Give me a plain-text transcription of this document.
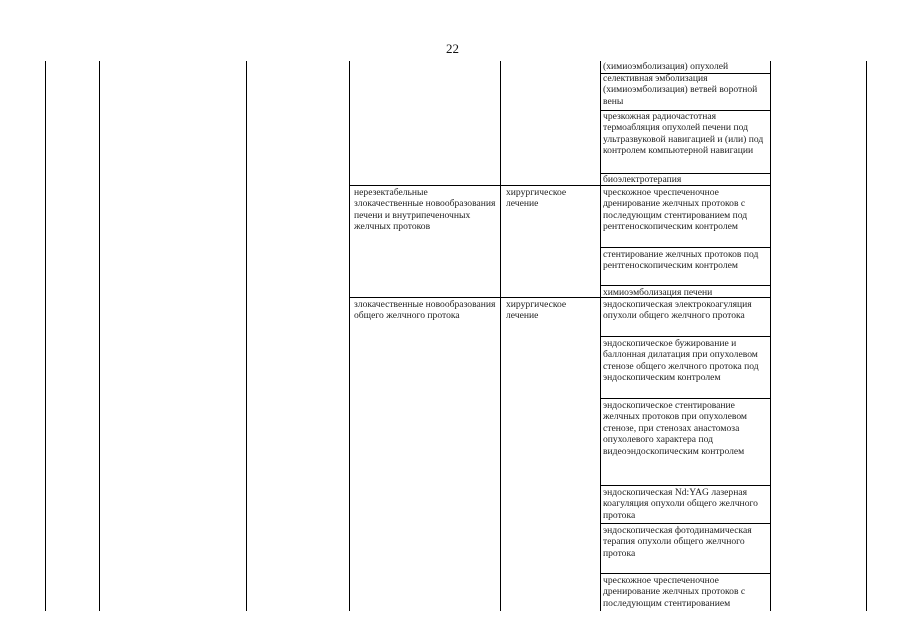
22
нерезектабельные злокачественные новообразования печени и внутрипеченочных желчных протоков
злокачественные новообразования общего желчного протока
хирургическое лечение
хирургическое лечение
(химиоэмболизация) опухолей
селективная эмболизация (химиоэмболизация) ветвей воротной вены
чрезкожная радиочастотная термоабляция опухолей печени под ультразвуковой навигацией и (или) под контролем компьютерной навигации
биоэлектротерапия
чрескожное чреспеченочное дренирование желчных протоков с последующим стентированием под рентгеноскопическим контролем
стентирование желчных протоков под рентгеноскопическим контролем
химиоэмболизация печени
эндоскопическая электрокоагуляция опухоли общего желчного протока
эндоскопическое бужирование и баллонная дилатация при опухолевом стенозе общего желчного протока под эндоскопическим контролем
эндоскопическое стентирование желчных протоков при опухолевом стенозе, при стенозах анастомоза опухолевого характера под видеоэндоскопическим контролем
эндоскопическая Nd:YAG лазерная коагуляция опухоли общего желчного протока
эндоскопическая фотодинамическая терапия опухоли общего желчного протока
чрескожное чреспеченочное дренирование желчных протоков с последующим стентированием
